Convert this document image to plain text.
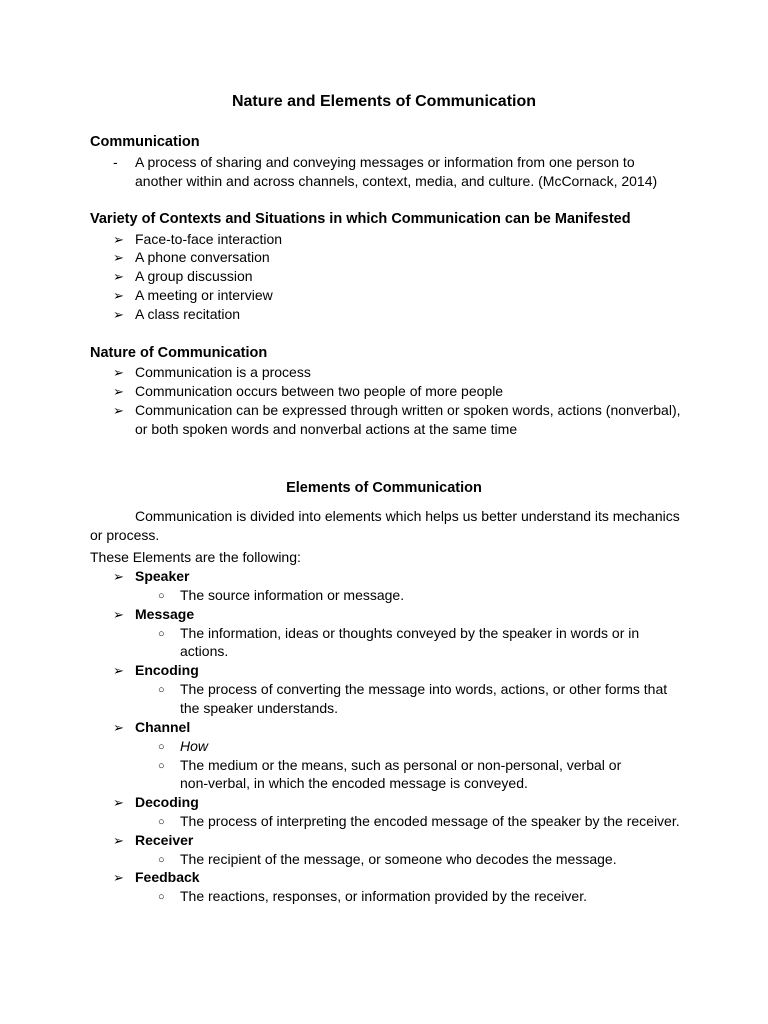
Nature and Elements of Communication
Communication
- A process of sharing and conveying messages or information from one person to
another within and across channels, context, media, and culture. (McCornack, 2014)
Variety of Contexts and Situations in which Communication can be Manifested
➢ Face-to-face interaction
➢ A phone conversation
➢ A group discussion
➢ A meeting or interview
➢ A class recitation
Nature of Communication
➢ Communication is a process
➢ Communication occurs between two people of more people
➢ Communication can be expressed through written or spoken words, actions (nonverbal),
or both spoken words and nonverbal actions at the same time
Elements of Communication
Communication is divided into elements which helps us better understand its mechanics
or process.
These Elements are the following:
➢ Speaker
○ The source information or message.
➢ Message
○ The information, ideas or thoughts conveyed by the speaker in words or in
actions.
➢ Encoding
○ The process of converting the message into words, actions, or other forms that
the speaker understands.
➢ Channel
○ How
○ The medium or the means, such as personal or non-personal, verbal or
non-verbal, in which the encoded message is conveyed.
➢ Decoding
○ The process of interpreting the encoded message of the speaker by the receiver.
➢ Receiver
○ The recipient of the message, or someone who decodes the message.
➢ Feedback
○ The reactions, responses, or information provided by the receiver.
